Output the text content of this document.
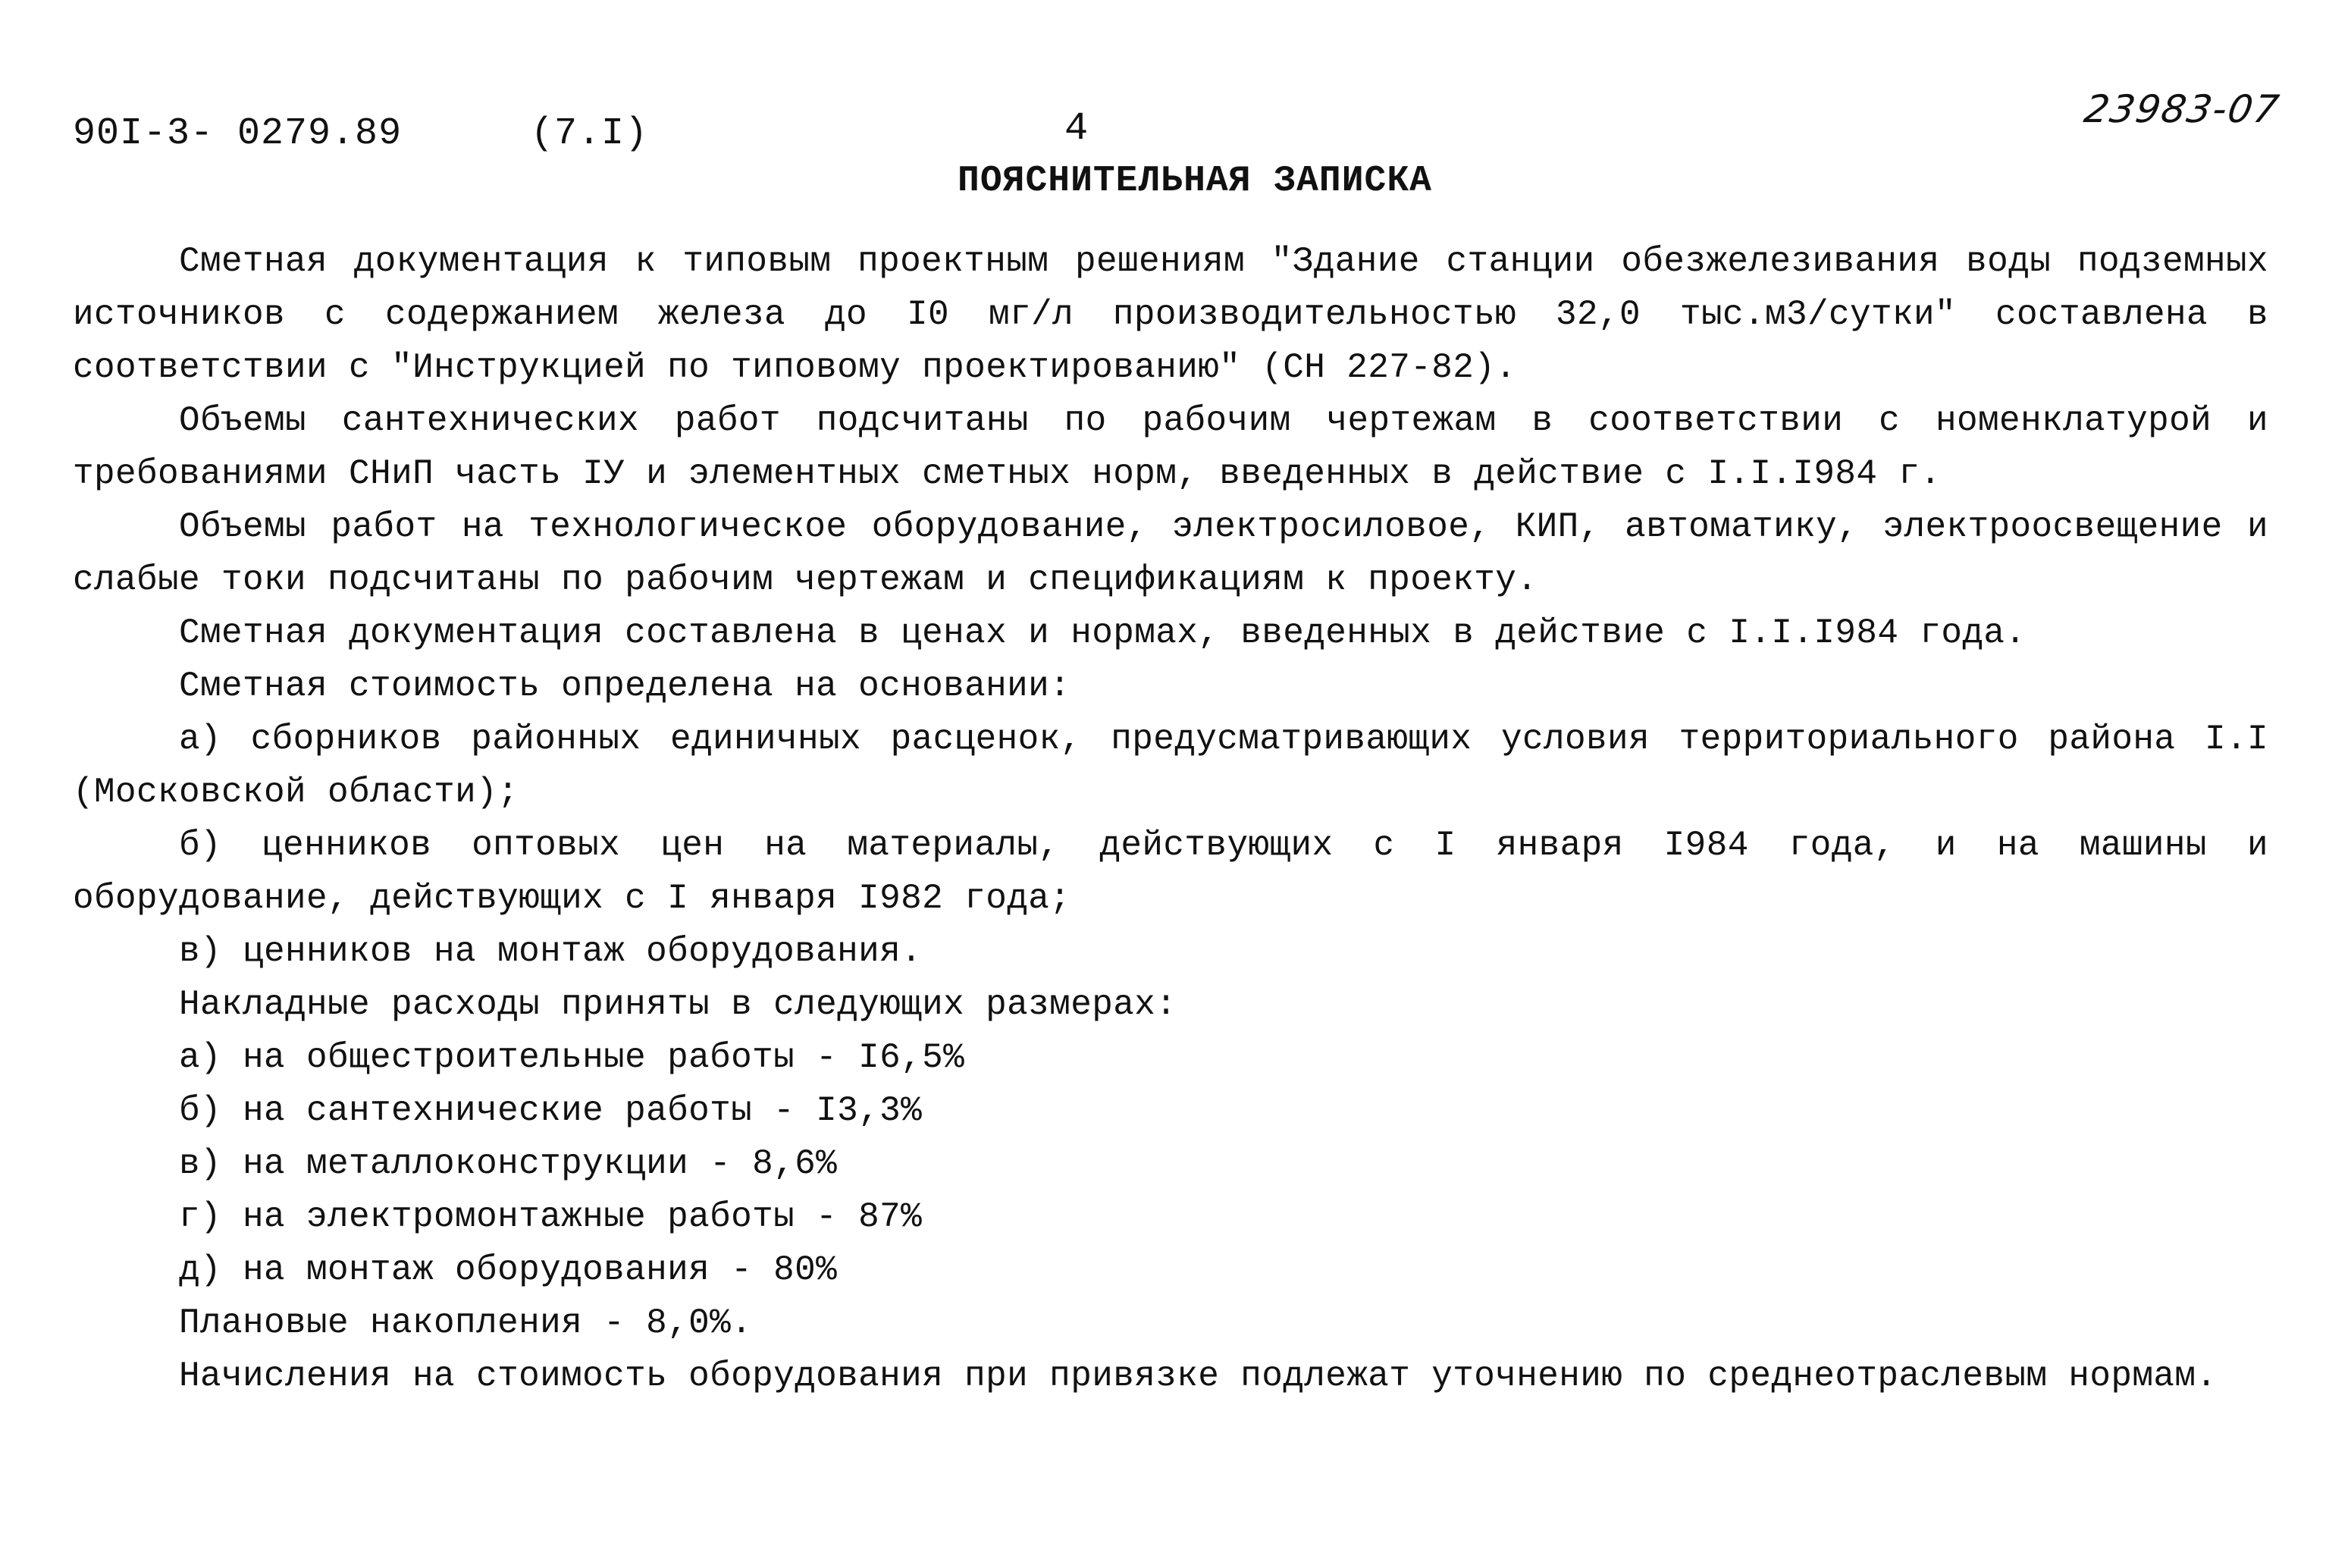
90I-3- 0279.89	(7.I)	4	23983-07
ПОЯСНИТЕЛЬНАЯ ЗАПИСКА

Сметная документация к типовым проектным решениям "Здание станции обезжелезивания воды подземных источников с содержанием железа до I0 мг/л производительностью 32,0 тыс.м3/сутки" составлена в соответствии с "Инструкцией по типовому проектированию" (СН 227-82).

Объемы сантехнических работ подсчитаны по рабочим чертежам в соответствии с номенклатурой и требованиями СНиП часть IУ и элементных сметных норм, введенных в действие с I.I.I984 г.

Объемы работ на технологическое оборудование, электросиловое, КИП, автоматику, электроосвещение и слабые токи подсчитаны по рабочим чертежам и спецификациям к проекту.

Сметная документация составлена в ценах и нормах, введенных в действие с I.I.I984 года.

Сметная стоимость определена на основании:

а) сборников районных единичных расценок, предусматривающих условия территориального района I.I (Московской области);

б) ценников оптовых цен на материалы, действующих с I января I984 года, и на машины и оборудование, действующих с I января I982 года;

в) ценников на монтаж оборудования.

Накладные расходы приняты в следующих размерах:

а) на общестроительные работы - I6,5%

б) на сантехнические работы - I3,3%

в) на металлоконструкции - 8,6%

г) на электромонтажные работы - 87%

д) на монтаж оборудования - 80%

Плановые накопления - 8,0%.

Начисления на стоимость оборудования при привязке подлежат уточнению по среднеотраслевым нормам.
